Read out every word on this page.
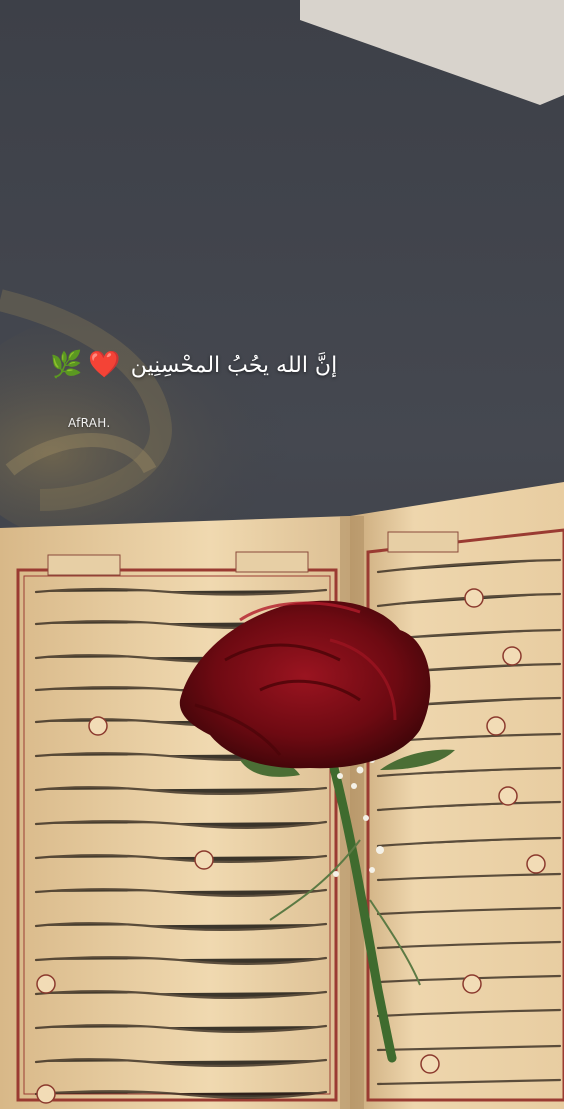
🌿 ❤️ إنَّ الله يحُبُ المحْسِنِين
AfRAH.
